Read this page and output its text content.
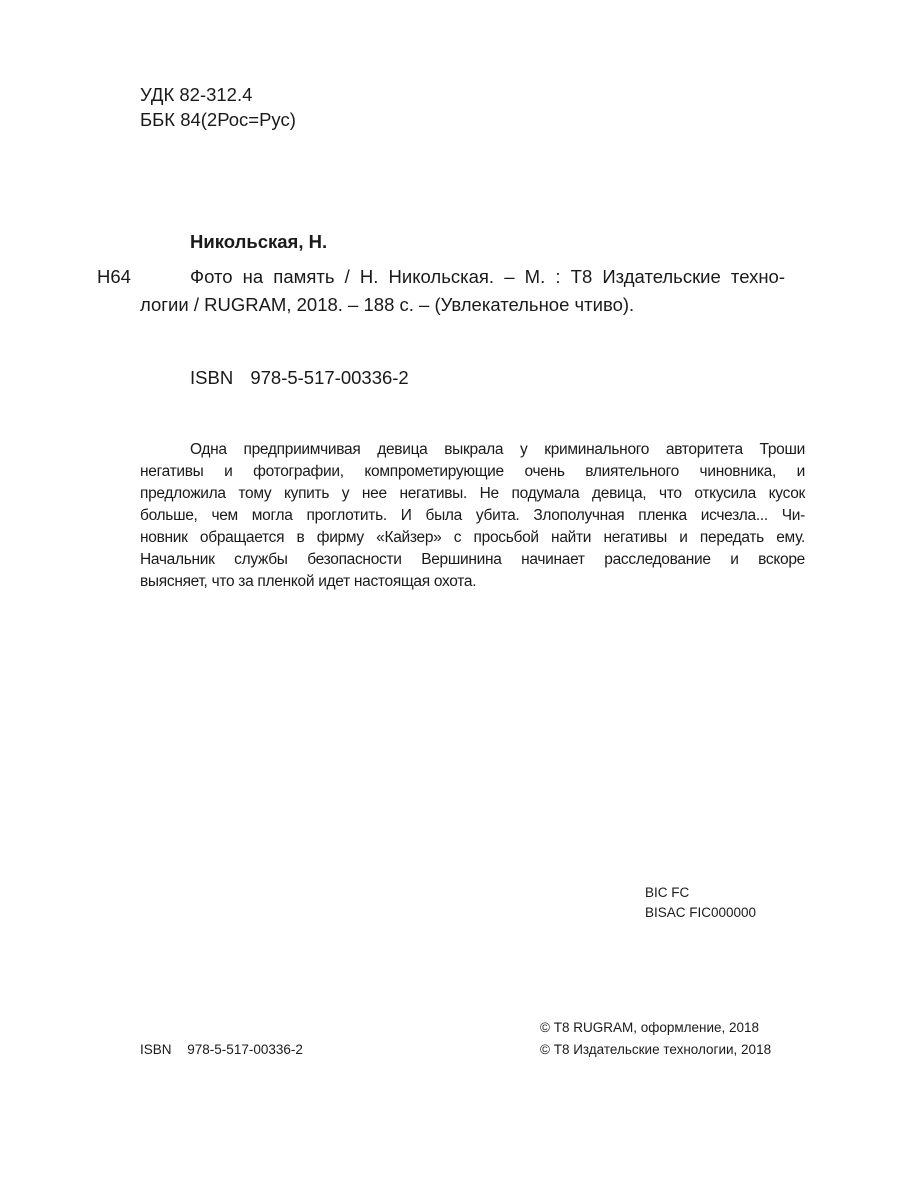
УДК 82-312.4
ББК 84(2Рос=Рус)
Никольская, Н.
Н64	Фото на память / Н. Никольская. – М. : Т8 Издательские техно-
логии / RUGRAM, 2018. – 188 с. – (Увлекательное чтиво).
ISBN 978-5-517-00336-2
Одна предприимчивая девица выкрала у криминального авторитета Троши
негативы и фотографии, компрометирующие очень влиятельного чиновника, и
предложила тому купить у нее негативы. Не подумала девица, что откусила кусок
больше, чем могла проглотить. И была убита. Злополучная пленка исчезла... Чи-
новник обращается в фирму «Кайзер» с просьбой найти негативы и передать ему.
Начальник службы безопасности Вершинина начинает расследование и вскоре
выясняет, что за пленкой идет настоящая охота.
BIC FC
BISAC FIC000000
© Т8 RUGRAM, оформление, 2018
© Т8 Издательские технологии, 2018
ISBN 978-5-517-00336-2
